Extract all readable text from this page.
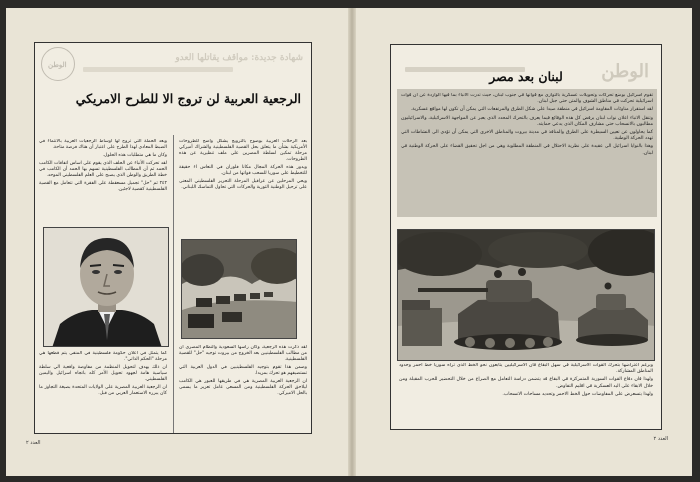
الوطن
شهادة جديدة: مواقف يقاتلها العدو
الرجعية العربية لن تروج الا للطرح الامريكي

بعد الرحلات العربية بوضوح بالترويج يشكل واضح للطروحات الأمريكية بشأن ما يتعلق بحل القضية الفلسطينية والشراك أميركي مرحلة تمكين لسلطة المصرين على ملف تنظيرية عن هذه الطروحات.

ويدور هذه الحركة المجال مكانا فلوران في النعاس اء حقيقة للتخطيط على سوريا للسحب قواتها من لبنان.

ويحي المرحلين عن عراقيل المرحلة التحرير الفلسطيني المعنى على ترحيل الوطنية الثورية والحركات التي تحاول التماسك اللبناني.

وبعد الحملة التي تروج لها اوساط الرجعيات العربية بالانتماء في الضبط المعادي لهذا الطرح على اعتبار أن هناك فرصة متاحة.

وكان ما هي متطلبات هذه الحلول.

لقد تحركت الأنباء عن الحلف الذي يقوم على اساس اتفاقات الكامب الحمد ثم أن المطالب الفلسطينية تسهم بها الحمد أن الكامب في خطة الطريق والوطن الذي يصبح على العلم الفلسطيني الموحد.

٢٤٢ ثم "حل" تجميل مسعقطة على الفقرة التي تتعامل مع القضية الفلسطينية كقضية لاجئين.

لقد ذكرت هذه الرجعية، وكان رأسها السعودية والنظام المصري أن من مطالب الفلسطينيين بعد الخروج من بيروت توجيه "حل" للقضية الفلسطينية.

وضمن هذا تقوم بتوجيه الفلسطينيين في الدول العربية التي تستضيفهم هو تحرك بمزيدا.

ان الرجعية العربية المصرية هي في طريقها للعبور هي الكامب ليلاحق الحركة الفلسطينية ومن المسعى عامل تعزيز ما يسمى بالحل الاميركي.

كما يتمثل في اعلان حكومة فلسطينية في المنفى يتم قطعها هي مرحلة "الحكم الذاتي".

ان ذلك يهدف لتحويل المنظمة من مفاوضة واقعية الي سلطة سياسية هامة لجهود تحويل الأمر كله باتجاه اسرائيل واليمين الفلسطيني.

ان الرجعية العربية المصرية على الولايات المتحدة بصيغة التجاوز ما كان يبرره الاستعمار العربي من قبل.

العدد ٢
الوطن
لبنان بعد مصر

تقوم اسرائيل بوضع تحركات وتحويلات عسكرية بالتوازي مع قواتها في جنوب لبنان، حيث تدرت الانباء بما فيها الواردة عن ان قوات اسرائيلية تحركت في مناطق الشوف والمتن حتى جبل لبنان.

لقد استقرار مناوئات المقاومة اسرائيل في منطقة صيدا على شكل الطرق والمرتفعات التي يمكن أن تكون لها مواقع عسكرية.

وتنقل الانباء اعلان نواب لبنان يرفض كل هذه الوقائع فيما يعرف بالتحرك المحدد الذي يعبر عن المواجهة الاسرائيلية، والاسرائيليون مطالبون بالانسحاب حتى مشارف المكان الذي يدعي حمايته.

كما يحاولون عن تعيين السيطرة على الطرق والمنافذ في مدينة بيروت والمناطق الاخرى التي يمكن أن تؤدي الى النشاطات التي تهدد الحركة الوطنية.

وهذا بالنوايا اسرائيل الى عقيدة على نظرية الاحتلال في المنطقة المطلوبة وهي من اجل تحقيق القضاء على الحركة الوطنية في لبنان.

وبرغم اعتراضها بتحرك القوات الاسرائيلية في سهل البقاع فان الاسرائيليين يتابعون نحو الخط الذي تراه سوريا خط احمر وحدود المناطق المشاركة.

ولهذا فان دفاع القوات السورية المتمركزة في البقاع قد يتضمن دراسة التعامل مع الصراع من خلال التحضير للحرب المقبلة ومن خلال الابقاء على اليد العسكرية في اقليم التفاوض.

ولهذا يتسعرض على المفاوضات حول الخط الاحمر وتحديد مساحات الانسحاب.

العدد ٢
